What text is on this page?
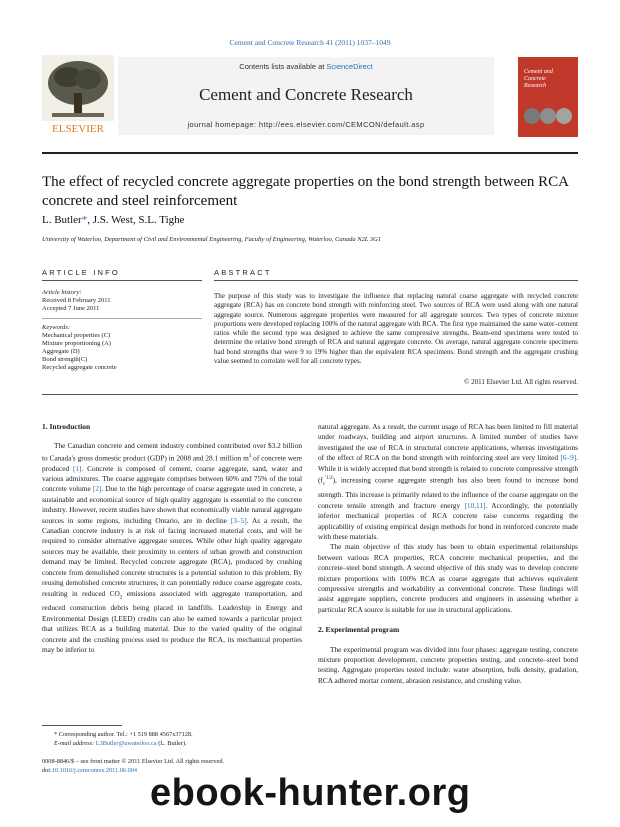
Cement and Concrete Research 41 (2011) 1037–1049
ELSEVIER
Contents lists available at ScienceDirect
Cement and Concrete Research
journal homepage: http://ees.elsevier.com/CEMCON/default.asp
Cement and
Concrete
Research
The effect of recycled concrete aggregate properties on the bond strength between RCA concrete and steel reinforcement
L. Butler*, J.S. West, S.L. Tighe
University of Waterloo, Department of Civil and Environmental Engineering, Faculty of Engineering, Waterloo, Canada N2L 3G1
ARTICLE INFO	ABSTRACT
Article history:
Received 8 February 2011
Accepted 7 June 2011
Keywords:
Mechanical properties (C)
Mixture proportioning (A)
Aggregate (D)
Bond strength(C)
Recycled aggregate concrete
The purpose of this study was to investigate the influence that replacing natural coarse aggregate with recycled concrete aggregate (RCA) has on concrete bond strength with reinforcing steel. Two sources of RCA were used along with one natural aggregate source. Numerous aggregate properties were measured for all aggregate sources. Two types of concrete mixture proportions were developed replacing 100% of the natural aggregate with RCA. The first type maintained the same water–cement ratios while the second type was designed to achieve the same compressive strengths. Beam-end specimens were tested to determine the relative bond strength of RCA and natural aggregate concrete. On average, natural aggregate concrete specimens had bond strengths that were 9 to 19% higher than the equivalent RCA specimens. Bond strength and the aggregate crushing value seemed to correlate well for all concrete types.
© 2011 Elsevier Ltd. All rights reserved.
1. Introduction

The Canadian concrete and cement industry combined contributed over $3.2 billion to Canada's gross domestic product (GDP) in 2008 and 28.1 million $m^3$ of concrete were produced [1]. Concrete is composed of cement, coarse aggregate, sand, water and various admixtures. The coarse aggregate comprises between 60% and 75% of the total concrete volume [2]. Due to the high percentage of coarse aggregate used in concrete, a sustainable and economical source of high quality aggregate is essential to the concrete industry. However, recent studies have shown that economically viable natural aggregate sources in some regions, including Ontario, are in decline [3–5]. As a result, the Canadian concrete industry is at risk of facing increased material costs, and will be required to consider alternative aggregate sources. While other high quality aggregate sources may be available, their proximity to centers of urban growth and construction demand may be limited. Recycled concrete aggregate (RCA), produced by crushing concrete from demolished concrete structures is a potential solution to this problem. By reusing demolished concrete structures, it can potentially reduce coarse aggregate costs, resulting in reduced $CO_2$ emissions associated with aggregate transportation, and reduced construction debris being placed in landfills. Leadership in Energy and Environmental Design (LEED) credits can also be earned towards a particular project that utilizes RCA as a building material. Due to the varied quality of the original concrete and the crushing process used to produce the RCA, its mechanical properties may be inferior to

natural aggregate. As a result, the current usage of RCA has been limited to fill material under roadways, building and airport structures. A limited number of studies have investigated the use of RCA in structural concrete applications, whereas investigations of the effect of RCA on the bond strength with reinforcing steel are very limited [6–9]. While it is widely accepted that bond strength is related to concrete compressive strength $(f_c^{'1/2})$, increasing coarse aggregate strength has also been found to increase bond strength. This increase is primarily related to the influence of the coarse aggregate on the concrete tensile strength and fracture energy [10,11]. Accordingly, the potentially inferior mechanical properties of RCA concrete raise concerns regarding the applicability of existing empirical design methods for bond in reinforced concrete made with these materials.

The main objective of this study has been to obtain experimental relationships between various RCA properties, RCA concrete mechanical properties, and the concrete–steel bond strength. A second objective of this study was to develop concrete mixture proportions with 100% RCA as coarse aggregate that achieves equivalent compressive strengths and workability as conventional concrete. These findings will assist aggregate suppliers, concrete producers and engineers in assessing whether a particular RCA source is suitable for use in structural applications.

2. Experimental program

The experimental program was divided into four phases: aggregate testing, concrete mixture proportion development, concrete properties testing, and concrete–steel bond testing. Aggregate properties tested include: water absorption, bulk density, gradation, RCA adhered mortar content, abrasion resistance, and crushing value.

* Corresponding author. Tel.: +1 519 888 4567x37128.
E-mail address: L3Butler@uwaterloo.ca (L. Butler).
0008-8846/$ – see front matter © 2011 Elsevier Ltd. All rights reserved.
doi:10.1016/j.cemconres.2011.06.004
ebook-hunter.org
